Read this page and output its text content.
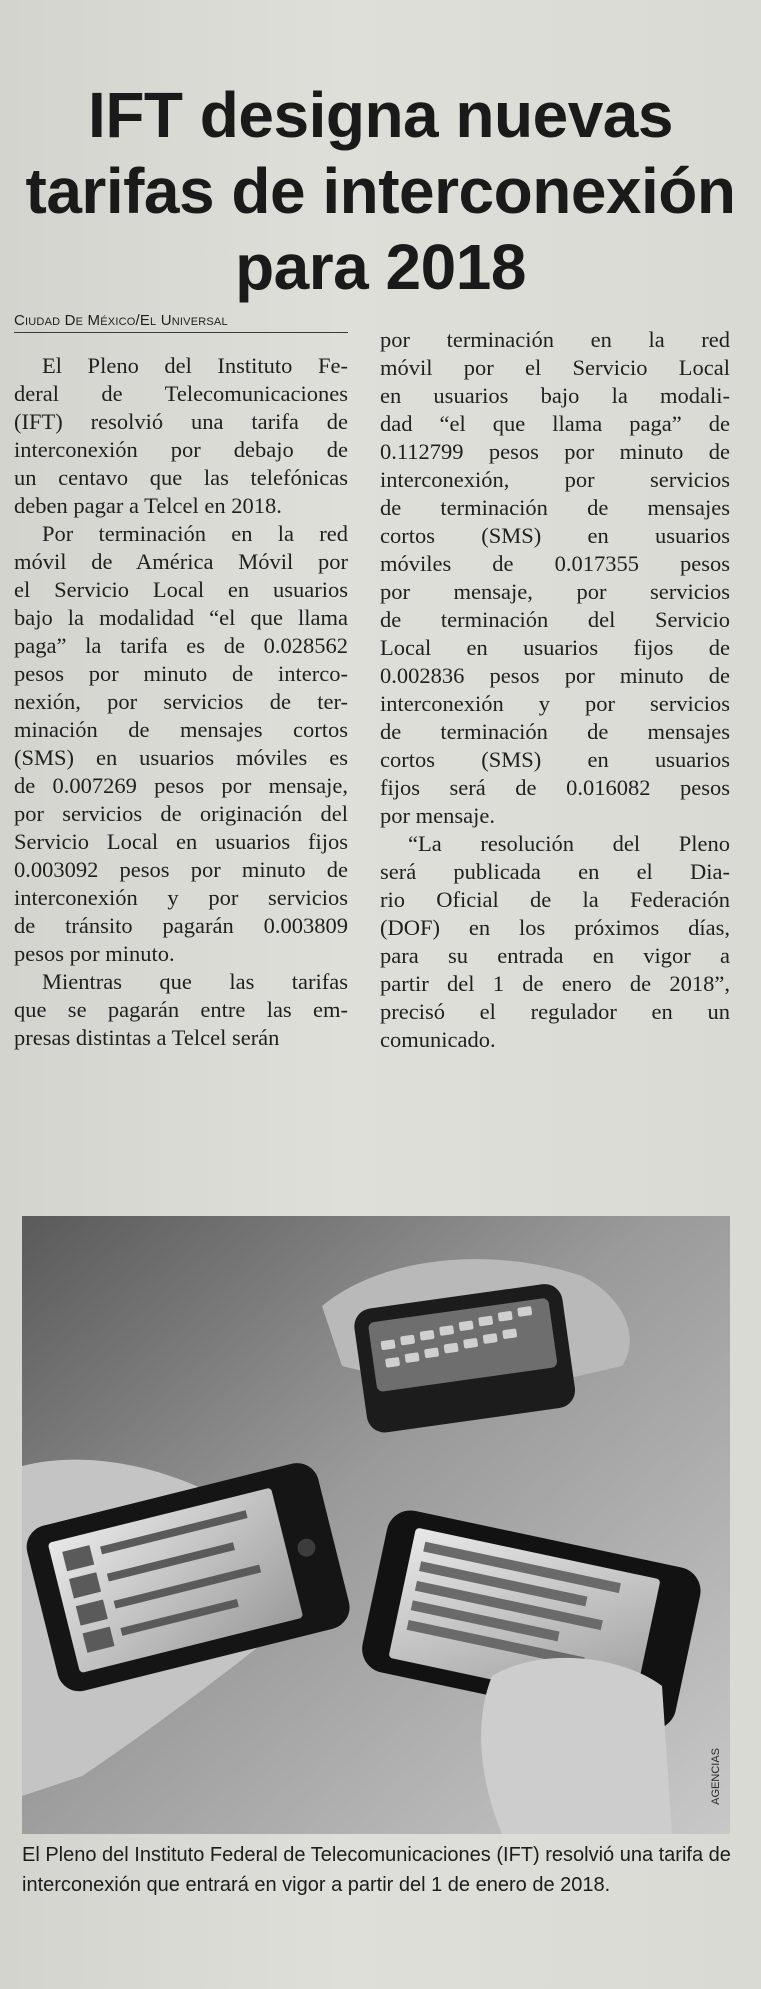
IFT designa nuevas
tarifas de interconexión
para 2018
Ciudad De México/El Universal

El Pleno del Instituto Fe-
deral de Telecomunicaciones
(IFT) resolvió una tarifa de
interconexión por debajo de
un centavo que las telefónicas
deben pagar a Telcel en 2018.

Por terminación en la red
móvil de América Móvil por
el Servicio Local en usuarios
bajo la modalidad “el que llama
paga” la tarifa es de 0.028562
pesos por minuto de interco-
nexión, por servicios de ter-
minación de mensajes cortos
(SMS) en usuarios móviles es
de 0.007269 pesos por mensaje,
por servicios de originación del
Servicio Local en usuarios fijos
0.003092 pesos por minuto de
interconexión y por servicios
de tránsito pagarán 0.003809
pesos por minuto.

Mientras que las tarifas
que se pagarán entre las em-
presas distintas a Telcel serán

por terminación en la red
móvil por el Servicio Local
en usuarios bajo la modali-
dad “el que llama paga” de
0.112799 pesos por minuto de
interconexión, por servicios
de terminación de mensajes
cortos (SMS) en usuarios
móviles de 0.017355 pesos
por mensaje, por servicios
de terminación del Servicio
Local en usuarios fijos de
0.002836 pesos por minuto de
interconexión y por servicios
de terminación de mensajes
cortos (SMS) en usuarios
fijos será de 0.016082 pesos
por mensaje.

“La resolución del Pleno
será publicada en el Dia-
rio Oficial de la Federación
(DOF) en los próximos días,
para su entrada en vigor a
partir del 1 de enero de 2018”,
precisó el regulador en un
comunicado.

AGENCIAS
El Pleno del Instituto Federal de Telecomunicaciones (IFT) resolvió una tarifa de interconexión que entrará en vigor a partir del 1 de enero de 2018.
